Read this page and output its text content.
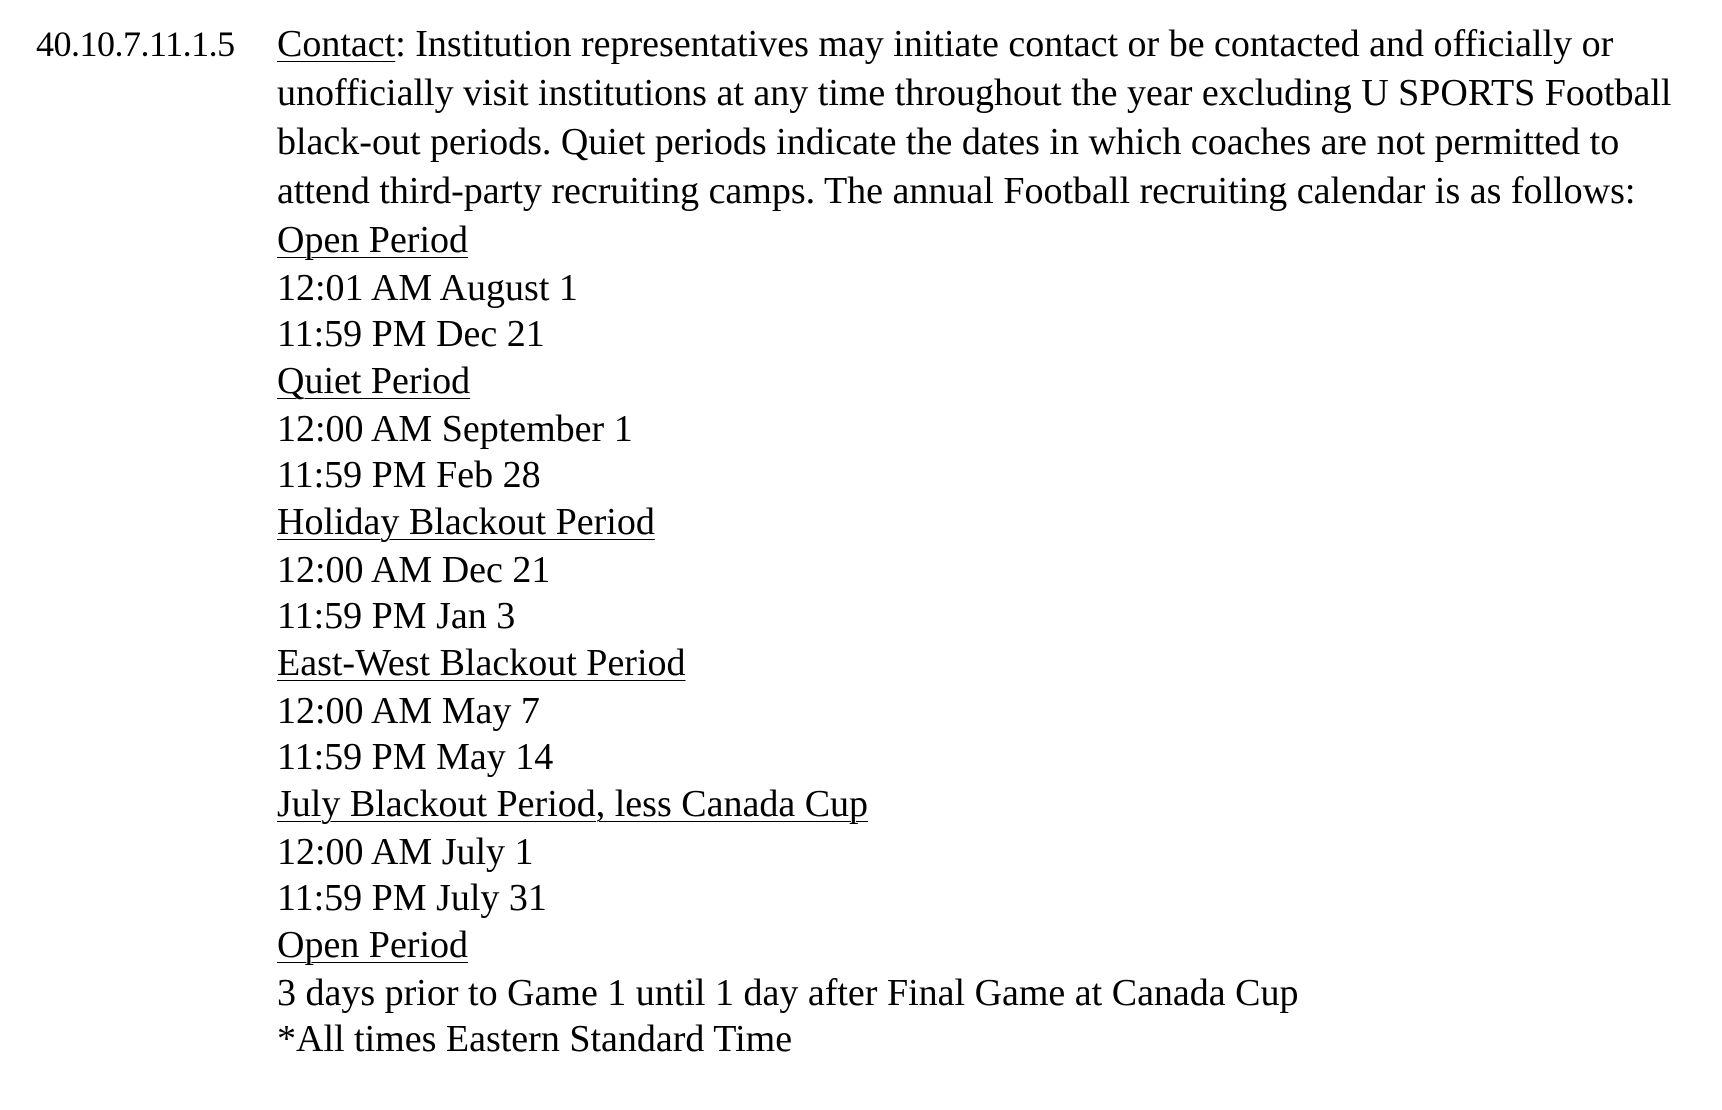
40.10.7.11.1.5 Contact: Institution representatives may initiate contact or be contacted and officially or unofficially visit institutions at any time throughout the year excluding U SPORTS Football black-out periods. Quiet periods indicate the dates in which coaches are not permitted to attend third-party recruiting camps. The annual Football recruiting calendar is as follows:

Open Period
12:01 AM August 1
11:59 PM Dec 21
Quiet Period
12:00 AM September 1
11:59 PM Feb 28
Holiday Blackout Period
12:00 AM Dec 21
11:59 PM Jan 3
East-West Blackout Period
12:00 AM May 7
11:59 PM May 14
July Blackout Period, less Canada Cup
12:00 AM July 1
11:59 PM July 31
Open Period
3 days prior to Game 1 until 1 day after Final Game at Canada Cup
*All times Eastern Standard Time
